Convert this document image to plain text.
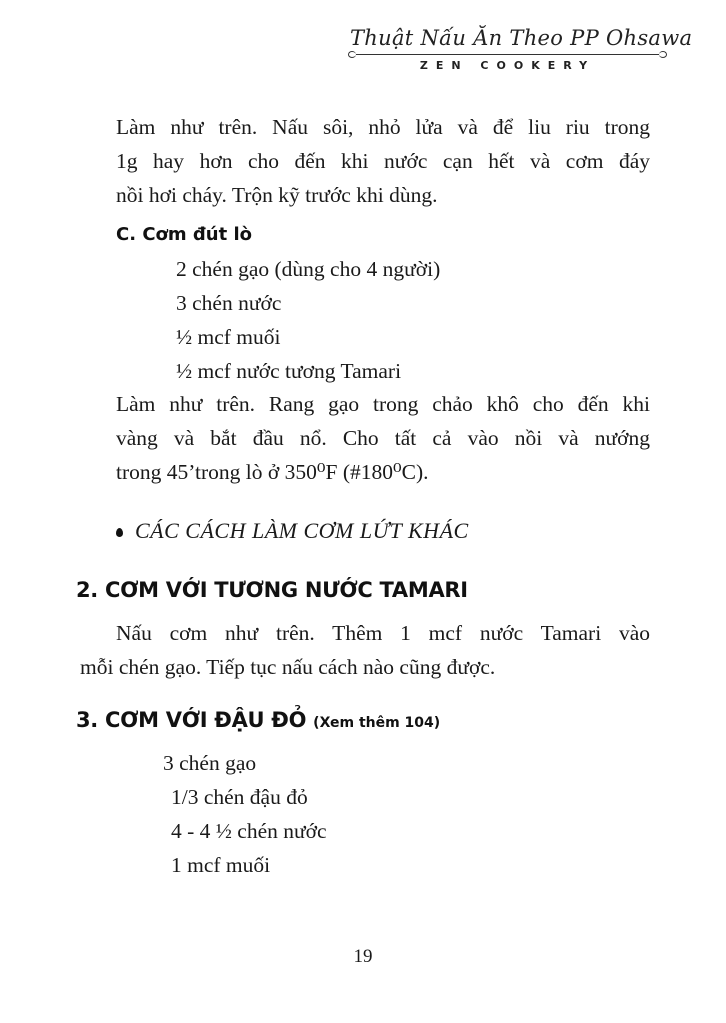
Thuật Nấu Ăn Theo PP Ohsawa
ZEN COOKERY
Làm như trên. Nấu sôi, nhỏ lửa và để liu riu trong
1g hay hơn cho đến khi nước cạn hết và cơm đáy
nồi hơi cháy. Trộn kỹ trước khi dùng.
C. Cơm đút lò
2 chén gạo (dùng cho 4 người)
3 chén nước
½ mcf muối
½ mcf nước tương Tamari
Làm như trên. Rang gạo trong chảo khô cho đến khi
vàng và bắt đầu nổ. Cho tất cả vào nồi và nướng
trong 45’trong lò ở 350⁰F (#180⁰C).
CÁC CÁCH LÀM CƠM LỨT KHÁC
2. CƠM VỚI TƯƠNG NƯỚC TAMARI
Nấu cơm như trên. Thêm 1 mcf nước Tamari vào
mỗi chén gạo. Tiếp tục nấu cách nào cũng được.
3. CƠM VỚI ĐẬU ĐỎ (Xem thêm 104)
3 chén gạo
1/3 chén đậu đỏ
4 - 4 ½ chén nước
1 mcf muối
19
